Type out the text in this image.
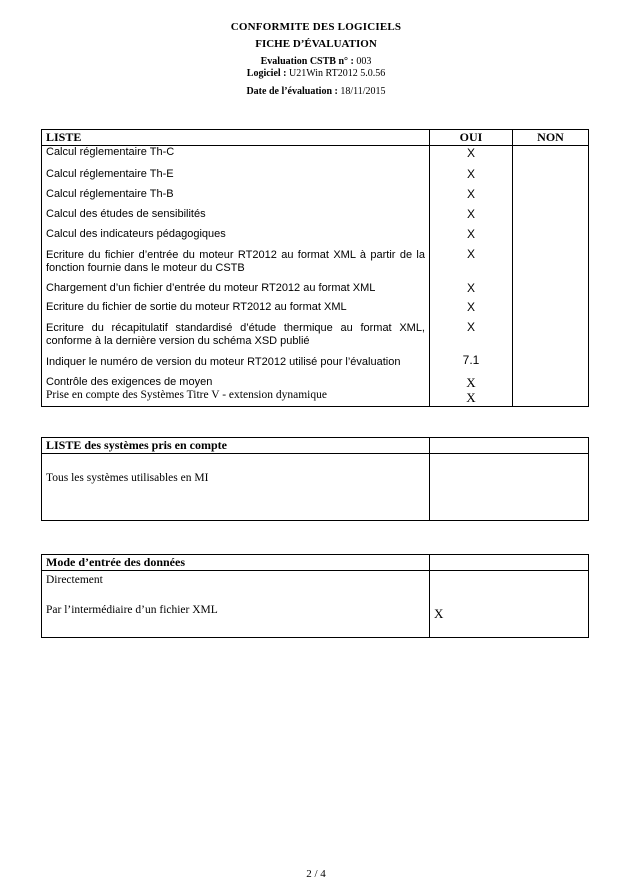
CONFORMITE DES LOGICIELS
FICHE D’ÉVALUATION
Evaluation CSTB n° : 003
Logiciel : U21Win RT2012 5.0.56
Date de l’évaluation : 18/11/2015
LISTE	OUI	NON
Calcul réglementaire Th-C	X	
Calcul réglementaire Th-E	X	
Calcul réglementaire Th-B	X	
Calcul des études de sensibilités	X	
Calcul des indicateurs pédagogiques	X	
Ecriture du fichier d’entrée du moteur RT2012 au format XML à partir de la fonction fournie dans le moteur du CSTB	X	
Chargement d’un fichier d’entrée du moteur RT2012 au format XML	X	
Ecriture du fichier de sortie du moteur RT2012 au format XML	X	
Ecriture du récapitulatif standardisé d’étude thermique au format XML, conforme à la dernière version du schéma XSD publié	X	
Indiquer le numéro de version du moteur RT2012 utilisé pour l’évaluation	7.1	
Contrôle des exigences de moyen	X	
Prise en compte des Systèmes Titre V - extension dynamique	X	
LISTE des systèmes pris en compte	

Tous les systèmes utilisables en MI	

Mode d’entrée des données	

Directement
Par l’intermédiaire d’un fichier XML	X
2 / 4
